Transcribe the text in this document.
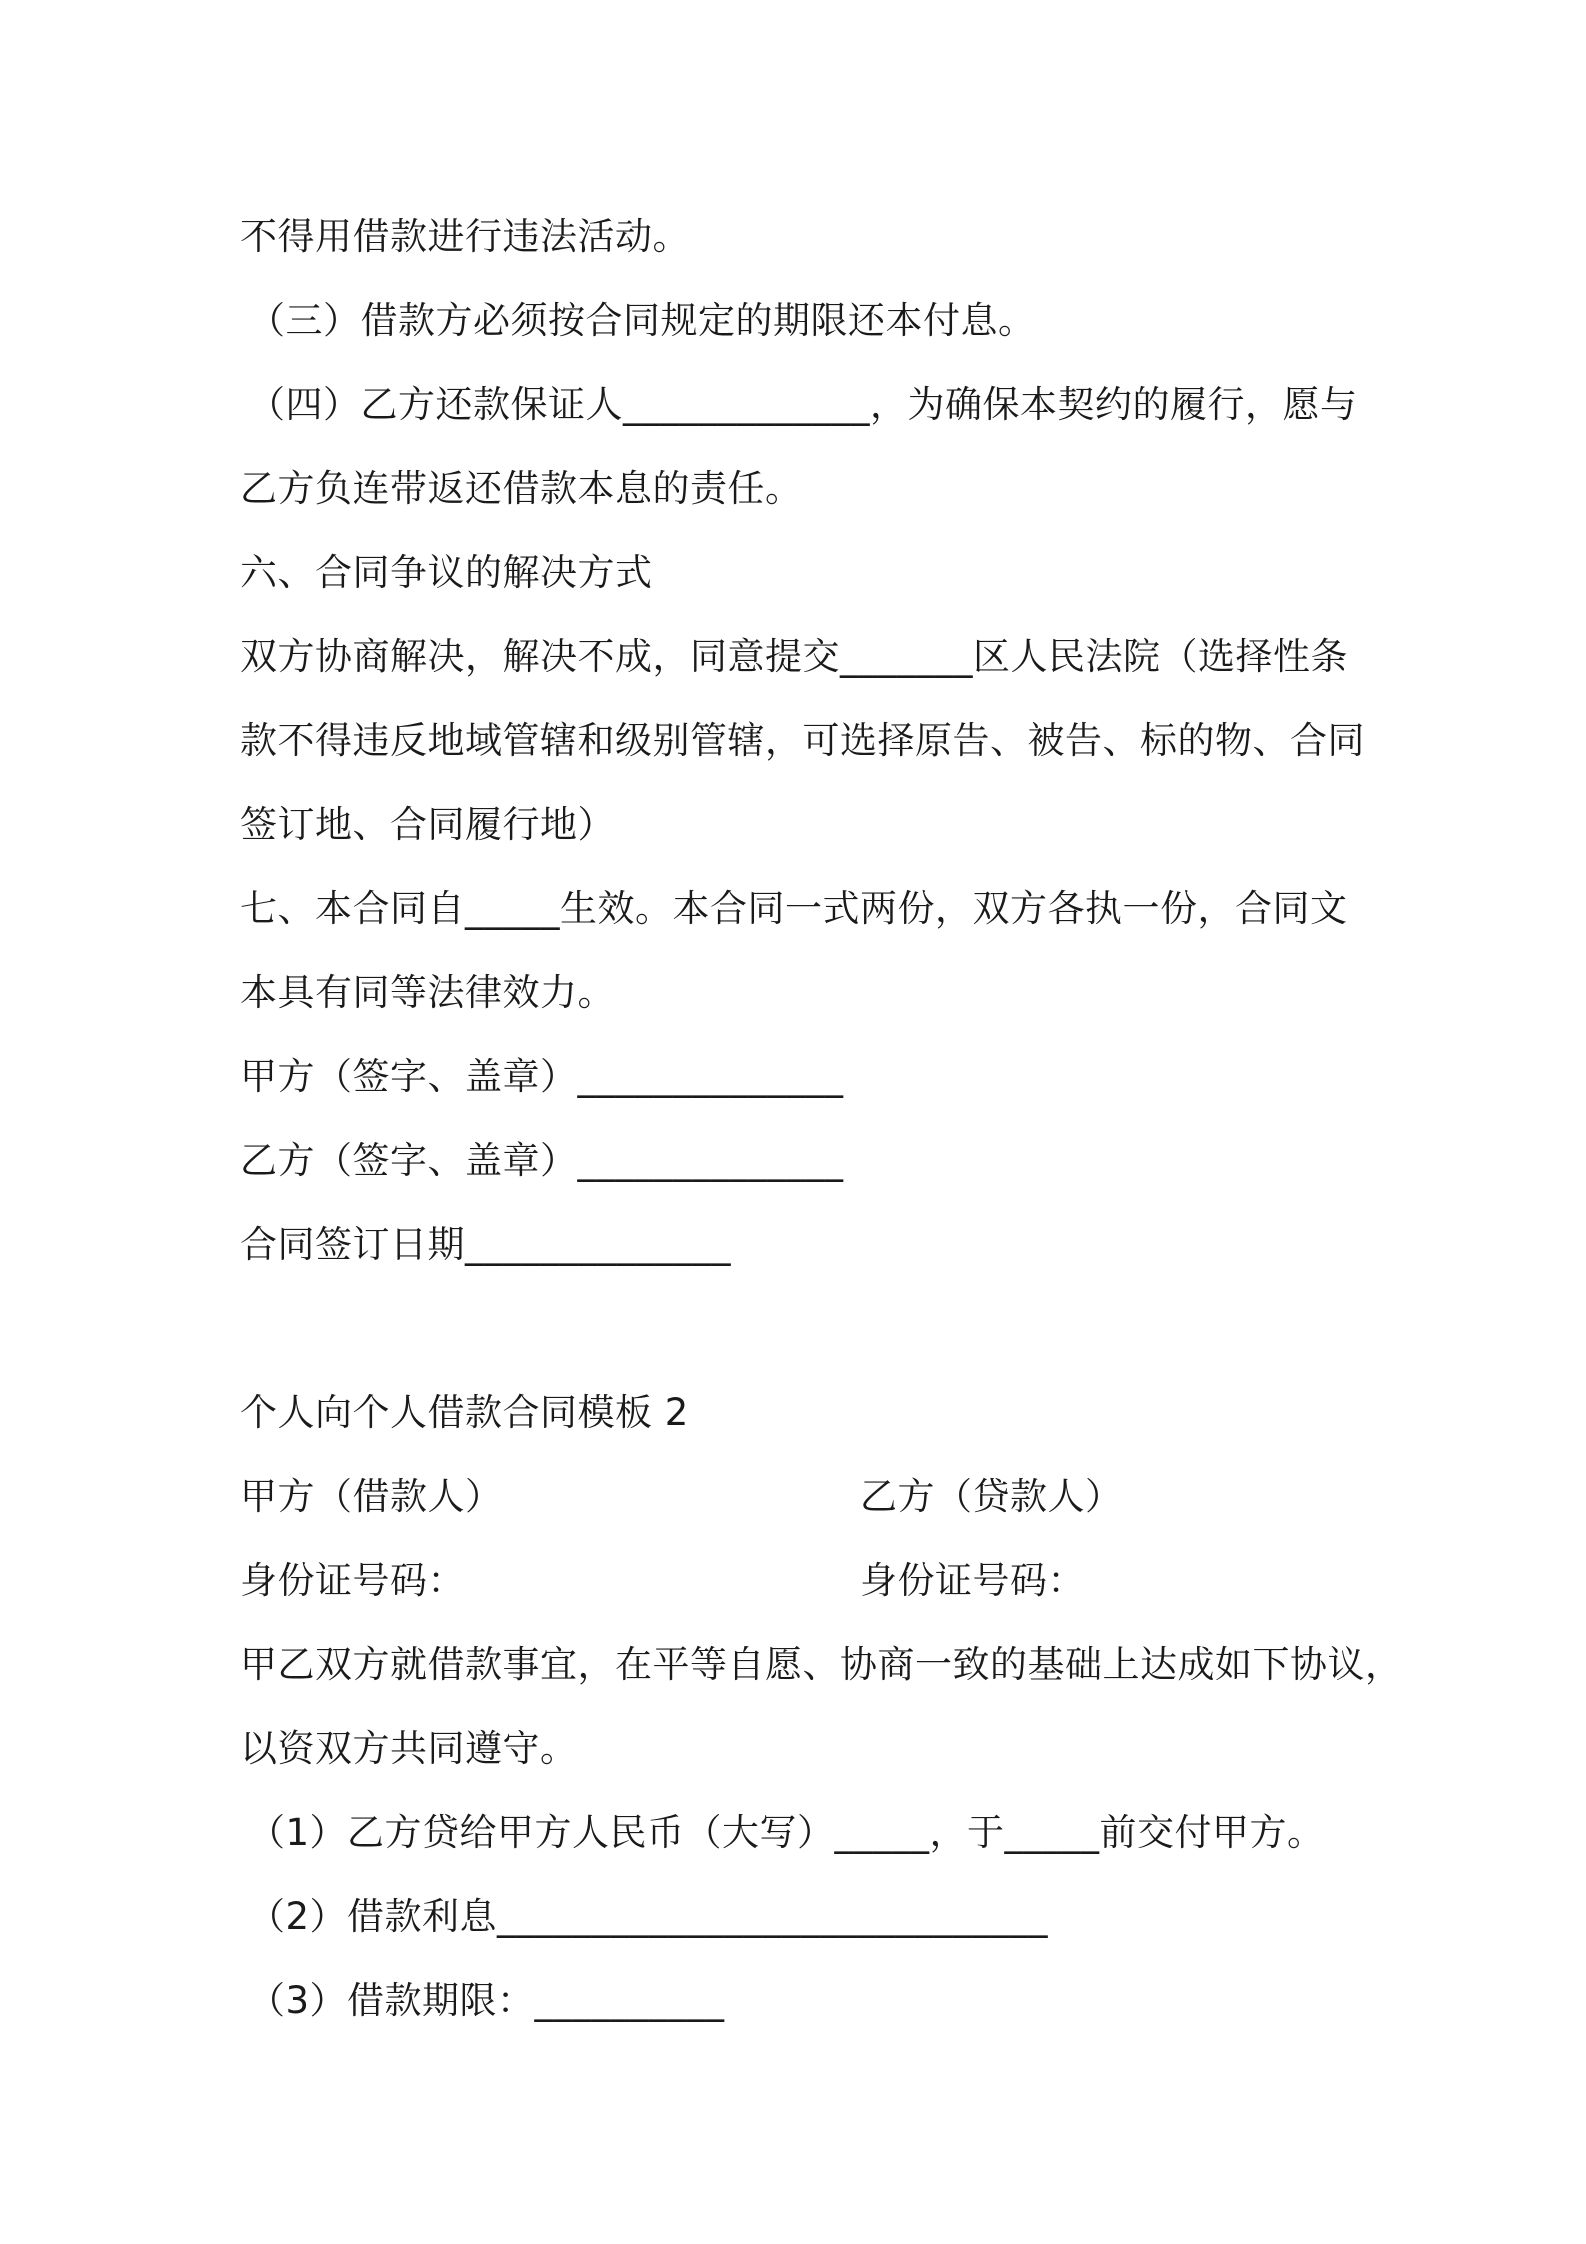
不得用借款进行违法活动。
（三）借款方必须按合同规定的期限还本付息。
（四）乙方还款保证人_____________，为确保本契约的履行，愿与
乙方负连带返还借款本息的责任。
六、合同争议的解决方式
双方协商解决，解决不成，同意提交_______区人民法院（选择性条
款不得违反地域管辖和级别管辖，可选择原告、被告、标的物、合同
签订地、合同履行地）
七、本合同自_____生效。本合同一式两份，双方各执一份，合同文
本具有同等法律效力。
甲方（签字、盖章）______________
乙方（签字、盖章）______________
合同签订日期______________
个人向个人借款合同模板 2
甲方（借款人）	乙方（贷款人）
身份证号码：	身份证号码：
甲乙双方就借款事宜，在平等自愿、协商一致的基础上达成如下协议，
以资双方共同遵守。
（1）乙方贷给甲方人民币（大写）_____，于_____前交付甲方。
（2）借款利息_____________________________
（3）借款期限：__________
